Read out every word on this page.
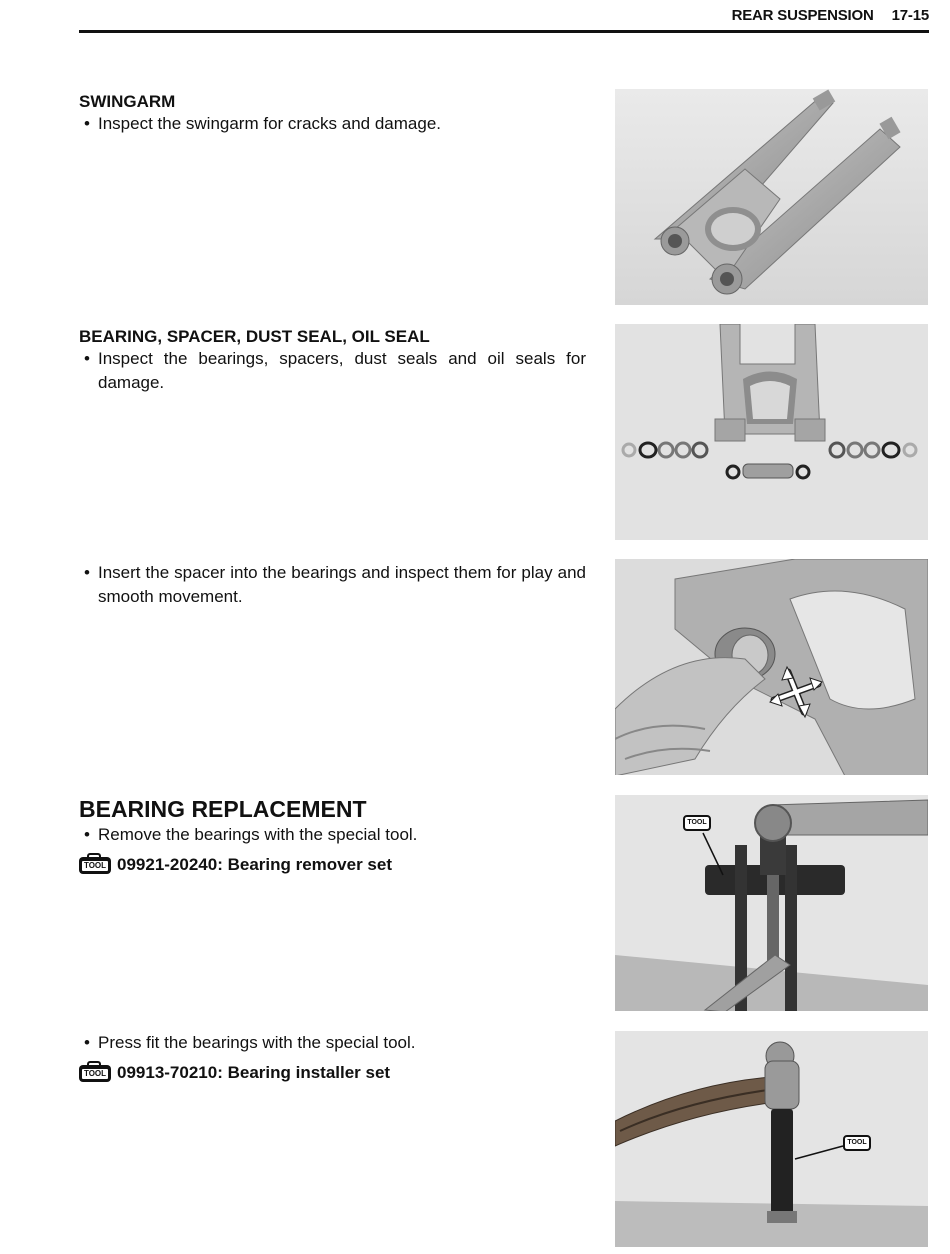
REAR SUSPENSION 17-15
SWINGARM
• Inspect the swingarm for cracks and damage.
BEARING, SPACER, DUST SEAL, OIL SEAL
• Inspect the bearings, spacers, dust seals and oil seals for damage.
• Insert the spacer into the bearings and inspect them for play and smooth movement.
BEARING REPLACEMENT
• Remove the bearings with the special tool.
TOOL 09921-20240: Bearing remover set
• Press fit the bearings with the special tool.
TOOL 09913-70210: Bearing installer set
TOOL
TOOL
